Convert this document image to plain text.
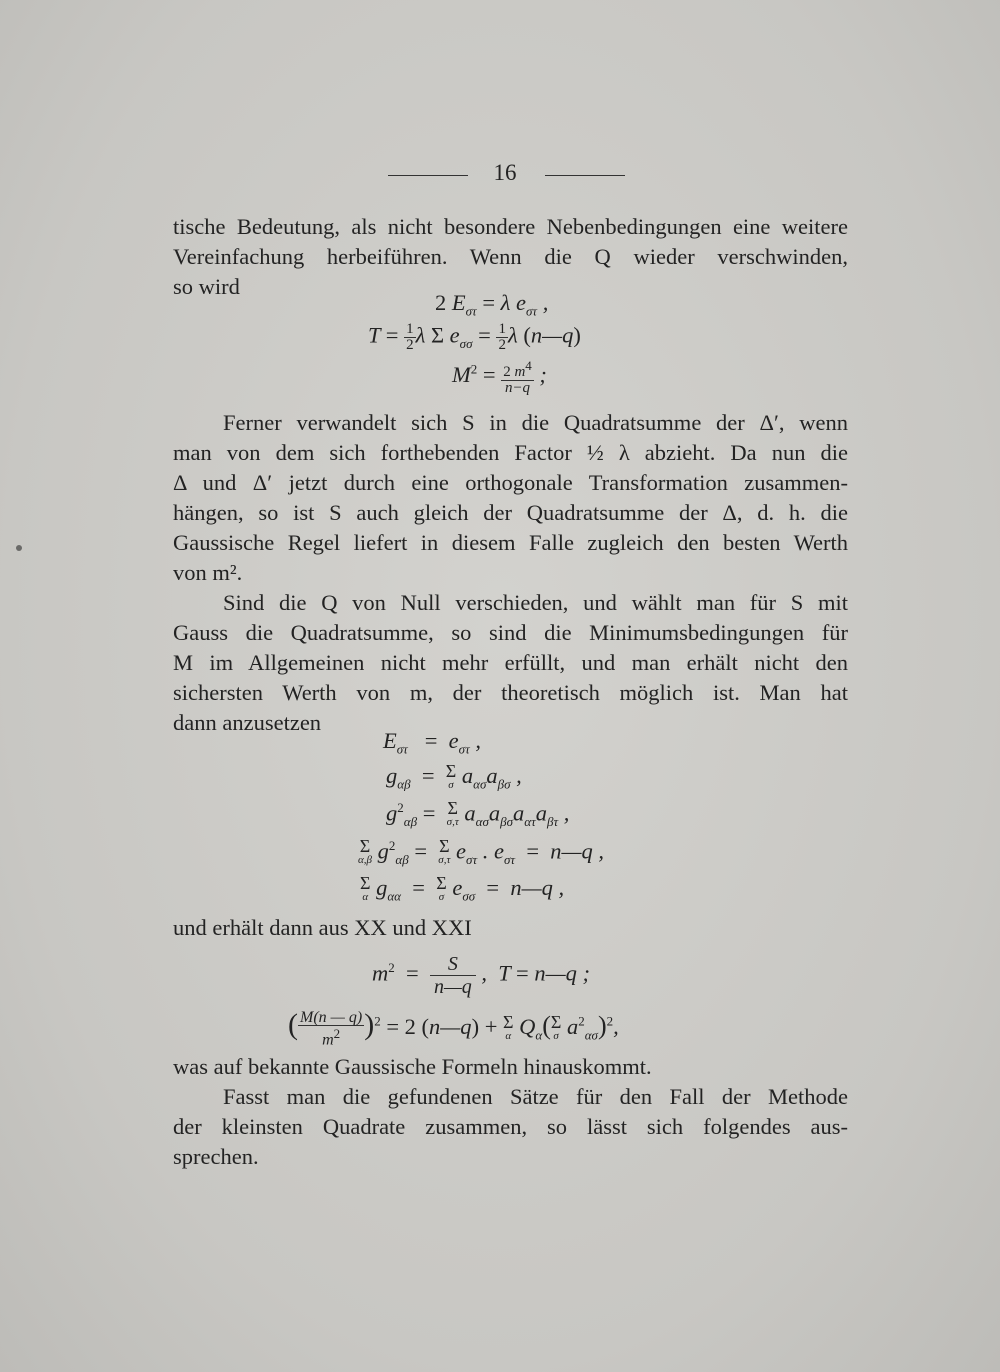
16
tische Bedeutung, als nicht besondere Nebenbedingungen eine weitere
Vereinfachung herbeiführen. Wenn die Q wieder verschwinden,
so wird
2 $E_{\sigma\tau} = \lambda$ $e_{\sigma\tau}$ ,
$T = \frac{1}{2}$ λ Σ $e_{\sigma\sigma} = \frac{1}{2}$ λ (n—q)
$M^2 = \frac{2 m^4}{n-q}$ ;
Ferner verwandelt sich S in die Quadratsumme der Δ′, wenn
man von dem sich forthebenden Factor ½ λ abzieht. Da nun die
Δ und Δ′ jetzt durch eine orthogonale Transformation zusammen-
hängen, so ist S auch gleich der Quadratsumme der Δ, d. h. die
Gaussische Regel liefert in diesem Falle zugleich den besten Werth
von m².
Sind die Q von Null verschieden, und wählt man für S mit
Gauss die Quadratsumme, so sind die Minimumsbedingungen für
M im Allgemeinen nicht mehr erfüllt, und man erhält nicht den
sichersten Werth von m, der theoretisch möglich ist. Man hat
dann anzusetzen
$E_{\sigma\tau} = e_{\sigma\tau}$ ,
$g_{\alpha\beta} = \Sigma$
σ $a_{\alpha\sigma}a_{\beta\sigma}$ ,
$g^2_{\alpha\beta} = \Sigma$
σ,τ $a_{\alpha\sigma}a_{\beta\sigma}a_{\alpha\tau}a_{\beta\tau}$ ,
Σ
α,β $g^2_{\alpha\beta} = \Sigma$
σ,τ $e_{\sigma\tau}$ . $e_{\sigma\tau}$  =  n—q ,
Σ
α $g_{\alpha\alpha} = \Sigma$
σ $e_{\sigma\sigma}$  =  n—q ,
und erhält dann aus XX und XXI
$m^2 = \frac{S}{n—q}$ ,  T = n—q ;
( $\frac{M(n — q)}{m^2} )^2 = 2$ (n—q) + Σ
α $Q_\alpha(\Sigma$
σ $a^2_{\alpha\sigma})^2$,
was auf bekannte Gaussische Formeln hinauskommt.
Fasst man die gefundenen Sätze für den Fall der Methode
der kleinsten Quadrate zusammen, so lässt sich folgendes aus-
sprechen.
